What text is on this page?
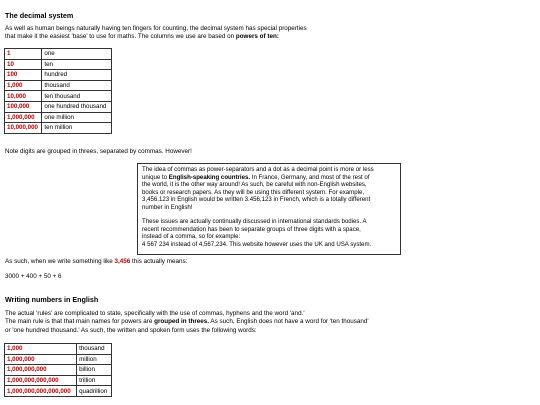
The decimal system

As well as human beings naturally having ten fingers for counting, the decimal system has special properties
that make it the easiest 'base' to use for maths. The columns we use are based on powers of ten:

1	one
10	ten
100	hundred
1,000	thousand
10,000	ten thousand
100,000	one hundred thousand
1,000,000	one million
10,000,000	ten million

Note digits are grouped in threes, separated by commas. However!

The idea of commas as power-separators and a dot as a decimal point is more or less
unique to English-speaking countries. In France, Germany, and most of the rest of
the world, it is the other way around! As such, be careful with non-English websites,
books or research papers. As they will be using this different system. For example,
3,456.123 in English would be written 3.456,123 in French, which is a totally different
number in English!
These issues are actually continually discussed in international standards bodies. A
recent recommendation has been to separate groups of three digits with a space,
instead of a comma, so for example:
4 567 234 instead of 4,567,234. This website however uses the UK and USA system.

As such, when we write something like 3,456 this actually means:

3000 + 400 + 50 + 6

Writing numbers in English

The actual 'rules' are complicated to state, specifically with the use of commas, hyphens and the word 'and.'
The main rule is that that main names for powers are grouped in threes. As such, English does not have a word for 'ten thousand'
or 'one hundred thousand.' As such, the written and spoken form uses the following words:

1,000	thousand
1,000,000	million
1,000,000,000	billion
1,000,000,000,000	trillion
1,000,000,000,000,000	quadrillion
